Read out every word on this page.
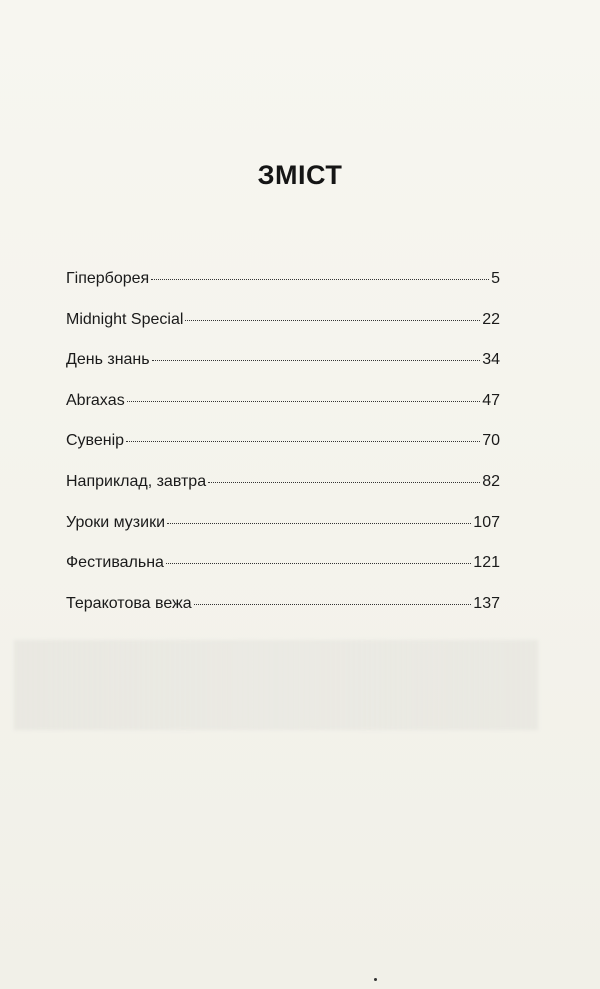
ЗМІСТ
Гіперборея	5
Midnight Special	22
День знань	34
Abraxas	47
Сувенір	70
Наприклад, завтра	82
Уроки музики	107
Фестивальна	121
Теракотова вежа	137
